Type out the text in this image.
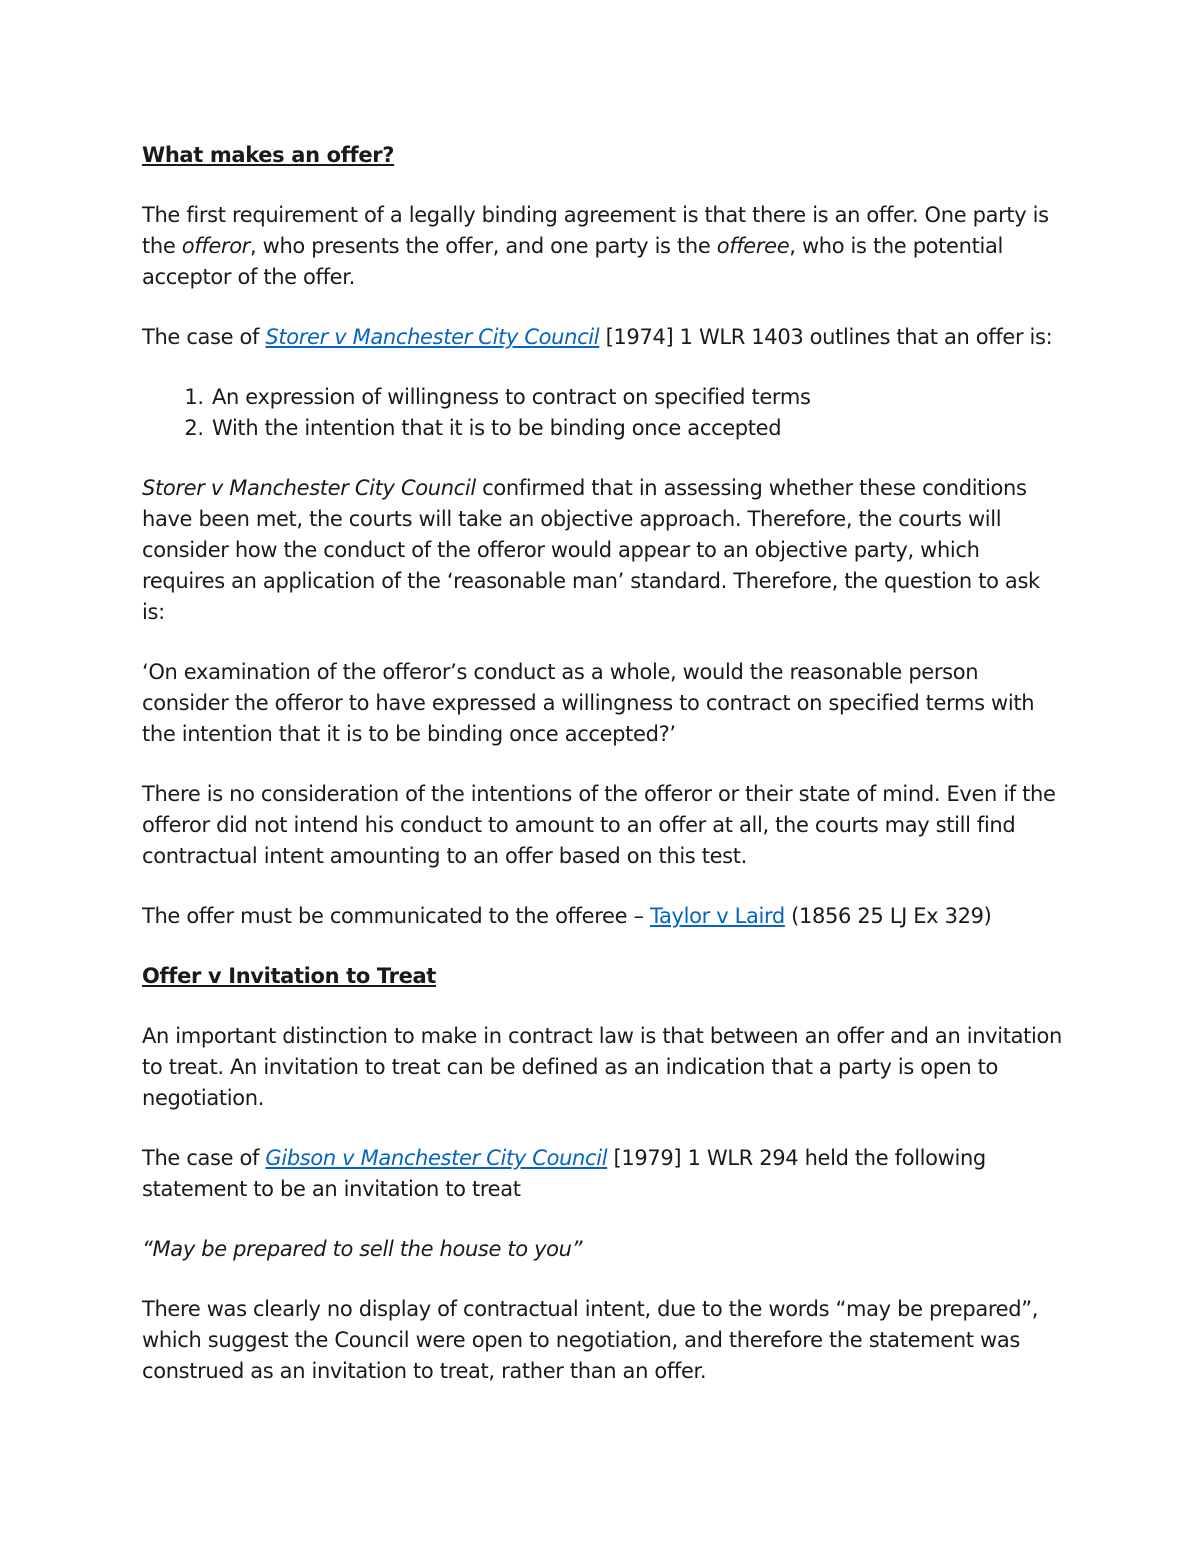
What makes an offer?

The first requirement of a legally binding agreement is that there is an offer. One party is the offeror, who presents the offer, and one party is the offeree, who is the potential acceptor of the offer.

The case of Storer v Manchester City Council [1974] 1 WLR 1403 outlines that an offer is:

1. An expression of willingness to contract on specified terms
2. With the intention that it is to be binding once accepted

Storer v Manchester City Council confirmed that in assessing whether these conditions have been met, the courts will take an objective approach. Therefore, the courts will consider how the conduct of the offeror would appear to an objective party, which requires an application of the ‘reasonable man’ standard. Therefore, the question to ask is:

‘On examination of the offeror’s conduct as a whole, would the reasonable person consider the offeror to have expressed a willingness to contract on specified terms with the intention that it is to be binding once accepted?’

There is no consideration of the intentions of the offeror or their state of mind. Even if the offeror did not intend his conduct to amount to an offer at all, the courts may still find contractual intent amounting to an offer based on this test.

The offer must be communicated to the offeree – Taylor v Laird (1856 25 LJ Ex 329)

Offer v Invitation to Treat

An important distinction to make in contract law is that between an offer and an invitation to treat. An invitation to treat can be defined as an indication that a party is open to negotiation.

The case of Gibson v Manchester City Council [1979] 1 WLR 294 held the following statement to be an invitation to treat

“May be prepared to sell the house to you”

There was clearly no display of contractual intent, due to the words “may be prepared”, which suggest the Council were open to negotiation, and therefore the statement was construed as an invitation to treat, rather than an offer.
